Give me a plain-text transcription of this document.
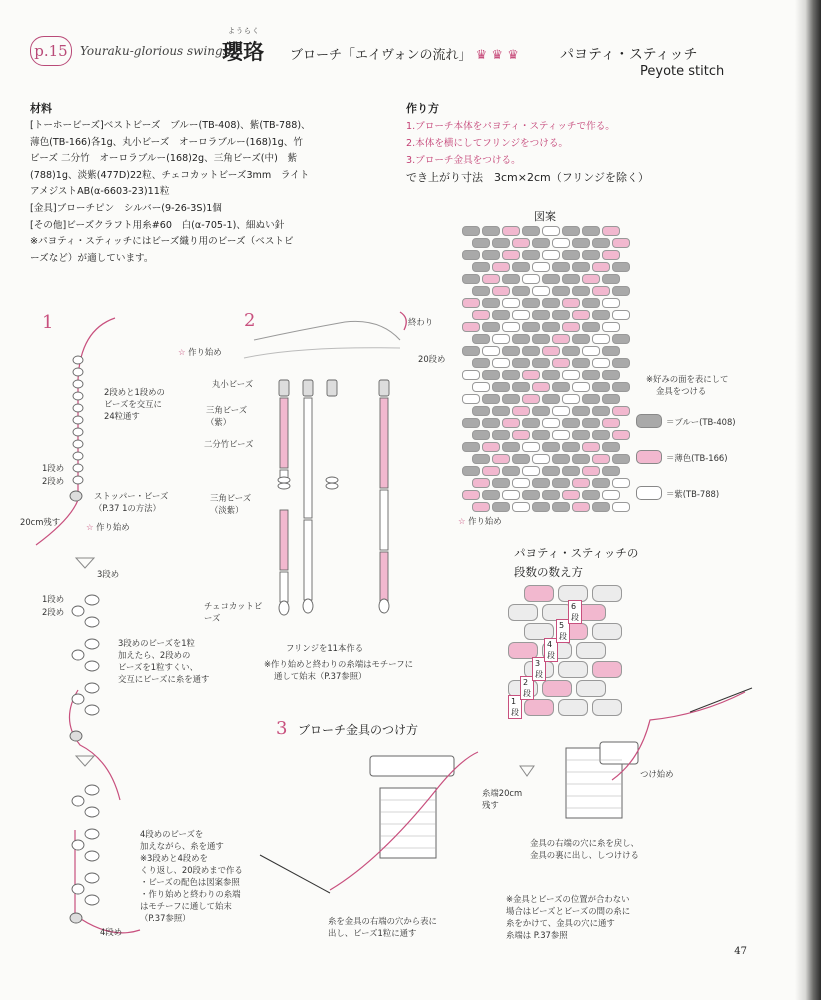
p.15	Youraku-glorious swings
ようらく
瓔珞 ブローチ「エイヴォンの流れ」 ♛ ♛ ♛	パヨティ・スティッチ
Peyote stitch
材料

[トーホービーズ]ベストビーズ　ブルー(TB-408)、紫(TB-788)、

薄色(TB-166)各1g、丸小ビーズ　オーロラブルー(168)1g、竹

ビーズ 二分竹　オーロラブルー(168)2g、三角ビーズ(中)　紫

(788)1g、淡紫(477D)22粒、チェコカットビーズ3mm　ライト

アメジストAB(α-6603-23)11粒

[金具]ブローチピン　シルバー(9-26-3S)1個

[その他]ビーズクラフト用糸#60　白(α-705-1)、細ぬい針

※パヨティ・スティッチにはビーズ織り用のビーズ（ベストビ

ーズなど）が適しています。

作り方

1.ブローチ本体をパヨティ・スティッチで作る。

2.本体を横にしてフリンジをつける。

3.ブローチ金具をつける。

でき上がり寸法　3cm×2cm（フリンジを除く）

1
2段めと1段めの
ビーズを交互に
24粒通す
1段め
2段め
ストッパー・ビーズ
（P.37 1の方法）
20cm残す	☆ 作り始め
3段め
1段め
2段め
3段めのビーズを1粒
加えたら、2段めの
ビーズを1粒すくい、
交互にビーズに糸を通す
4段めのビーズを
加えながら、糸を通す
※3段めと4段めを
くり返し、20段めまで作る
・ビーズの配色は図案参照
・作り始めと終わりの糸端
はモチーフに通して始末
（P.37参照）
4段め
2
☆ 作り始め
終わり
20段め
丸小ビーズ
三角ビーズ（紫）
二分竹ビーズ
三角ビーズ（淡紫）
チェコカットビーズ
フリンジを11本作る
※作り始めと終わりの糸端はモチーフに
通して始末（P.37参照）
図案
※好みの面を表にして
金具をつける
＝ブルー(TB-408)
＝薄色(TB-166)
＝紫(TB-788)
☆ 作り始め
パヨティ・スティッチの
段数の数え方
1段
2段
3段
4段
5段
6段
3 ブローチ金具のつけ方
糸端20cm
残す
つけ始め
金具の右端の穴に糸を戻し、
金具の裏に出し、しつけける
糸を金具の右端の穴から表に
出し、ビーズ1粒に通す
※金具とビーズの位置が合わない
場合はビーズとビーズの間の糸に
糸をかけて、金具の穴に通す
糸端は P.37参照
47
